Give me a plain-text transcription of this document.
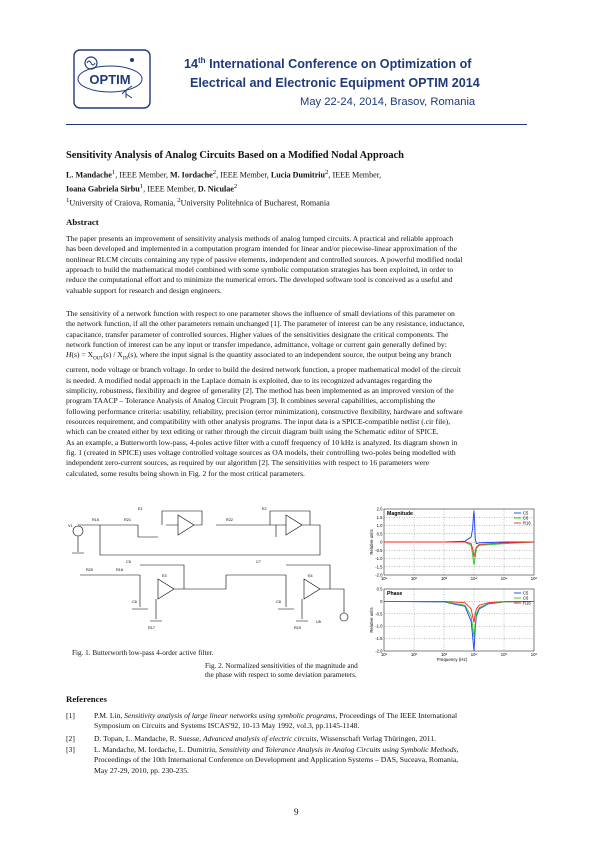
OPTIM
14th International Conference on Optimization of
Electrical and Electronic Equipment OPTIM 2014
May 22-24, 2014, Brasov, Romania
Sensitivity Analysis of Analog Circuits Based on a Modified Nodal Approach
L. Mandache$^1$, IEEE Member, M. Iordache$^2$, IEEE Member, Lucia Dumitriu$^2$, IEEE Member,
Ioana Gabriela Sirbu$^1$, IEEE Member, D. Niculae$^2$
$^1$University of Craiova, Romania, $^2$University Politehnica of Bucharest, Romania
Abstract
The paper presents an improvement of sensitivity analysis methods of analog lumped circuits. A practical and reliable approach
has been developed and implemented in a computation program intended for linear and/or piecewise-linear approximation of the
nonlinear RLCM circuits containing any type of passive elements, independent and controlled sources. A powerful modified nodal
approach to build the mathematical model combined with some symbolic computation strategies has been exploited, in order to
reduce the computational effort and to minimize the numerical errors. The developed software tool is conceived as a useful and
valuable support for research and design engineers.
The sensitivity of a network function with respect to one parameter shows the influence of small deviations of this parameter on
the network function, if all the other parameters remain unchanged [1]. The parameter of interest can be any resistance, inductance,
capacitance, transfer parameter of controlled sources. Higher values of the sensitivities designate the critical components. The
network function of interest can be any input or transfer impedance, admittance, voltage or current gain generally defined by:
$H(s) = X_{OUT}(s) / X_{IN}(s)$, where the input signal is the quantity associated to an independent source, the output being any branch
current, node voltage or branch voltage. In order to build the desired network function, a proper mathematical model of the circuit
is needed. A modified nodal approach in the Laplace domain is exploited, due to its recognized advantages regarding the
simplicity, robustness, flexibility and degree of generality [2]. The method has been implemented as an improved version of the
program TAACP – Tolerance Analysis of Analog Circuit Program [3]. It combines several capabilities, accomplishing the
following performance criteria: usability, reliability, precision (error minimization), constructive flexibility, hardware and software
resources requirement, and compatibility with other analysis programs. The input data is a SPICE-compatible netlist (.cir file),
which can be created either by text editing or rather through the circuit diagram built using the Schematic editor of SPICE.
As an example, a Butterworth low-pass, 4-poles active filter with a cutoff frequency of 10 kHz is analyzed. Its diagram shown in
fig. 1 (created in SPICE) uses voltage controlled voltage sources as OA models, their controlling two-poles being modelled with
independent zero-current sources, as required by our algorithm [2]. The sensitivities with respect to 16 parameters were
calculated, some results being shown in Fig. 2 for the most critical parameters.
E1	E2
E3	E4
V1
R15	R21	R22
C5	C7
R20	R16
C6
R17
C8
R19
U5
Fig. 1. Butterworth low-pass 4-order active filter.
10¹	10²	10³	10⁴	10⁵	10⁶
2.0
1.5
1.0
0.5
0
-0.5
-1.0
-1.5
-2.0
Magnitude
Relative units
C5
C6
R16
10¹	10²	10³	10⁴	10⁵	10⁶
0.5
0
-0.5
-1.0
-1.5
-2.0
Phase
Relative units
C5
C6
R16
Frequency (Hz)
Fig. 2. Normalized sensitivities of the magnitude and
the phase with respect to some deviation parameters.
References
[1]	P.M. Lin, Sensitivity analysis of large linear networks using symbolic programs, Proceedings of The IEEE International
Symposium on Circuits and Systems ISCAS'92, 10-13 May 1992, vol.3, pp.1145-1148.
[2]	D. Topan, L. Mandache, R. Suesse, Advanced analysis of electric circuits, Wissenschaft Verlag Thüringen, 2011.
[3]	L. Mandache, M. Iordache, L. Dumitriu, Sensitivity and Tolerance Analysis in Analog Circuits using Symbolic Methods,
Proceedings of the 10th International Conference on Development and Application Systems – DAS, Suceava, Romania,
May 27-29, 2010, pp. 230-235.
9
